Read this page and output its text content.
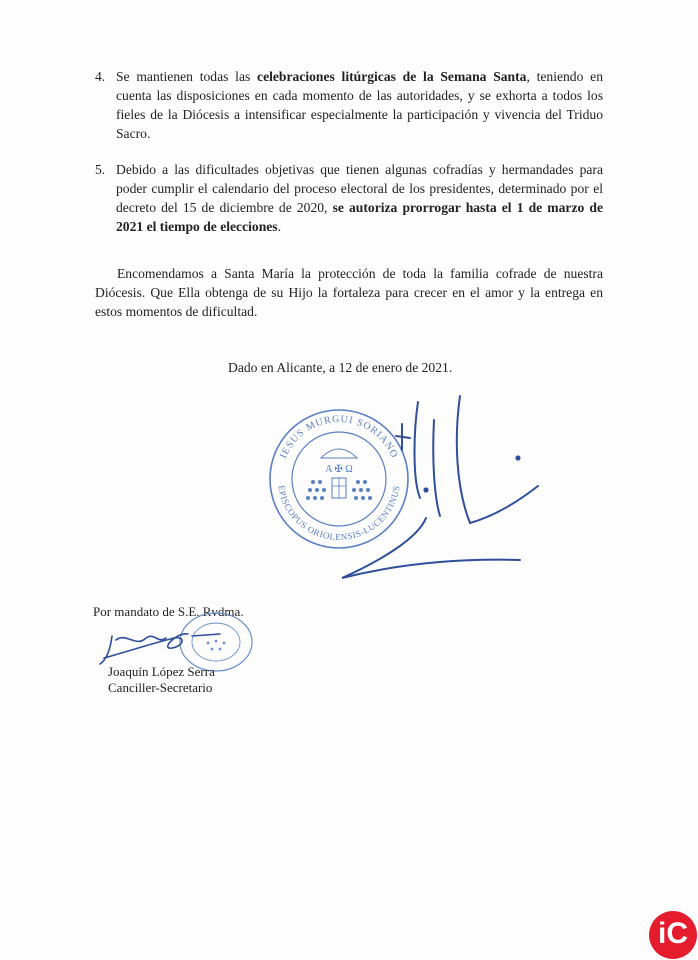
4. Se mantienen todas las celebraciones litúrgicas de la Semana Santa, teniendo en cuenta las disposiciones en cada momento de las autoridades, y se exhorta a todos los fieles de la Diócesis a intensificar especialmente la participación y vivencia del Triduo Sacro.
5. Debido a las dificultades objetivas que tienen algunas cofradías y hermandades para poder cumplir el calendario del proceso electoral de los presidentes, determinado por el decreto del 15 de diciembre de 2020, se autoriza prorrogar hasta el 1 de marzo de 2021 el tiempo de elecciones.
Encomendamos a Santa María la protección de toda la familia cofrade de nuestra Diócesis. Que Ella obtenga de su Hijo la fortaleza para crecer en el amor y la entrega en estos momentos de dificultad.
Dado en Alicante, a 12 de enero de 2021.
IESUS MURGUI SORIANO
EPISCOPUS ORIOLENSIS-LUCENTINUS
A ✠ Ω
Por mandato de S.E. Rvdma.
Joaquín López Serra
Canciller-Secretario
iC
